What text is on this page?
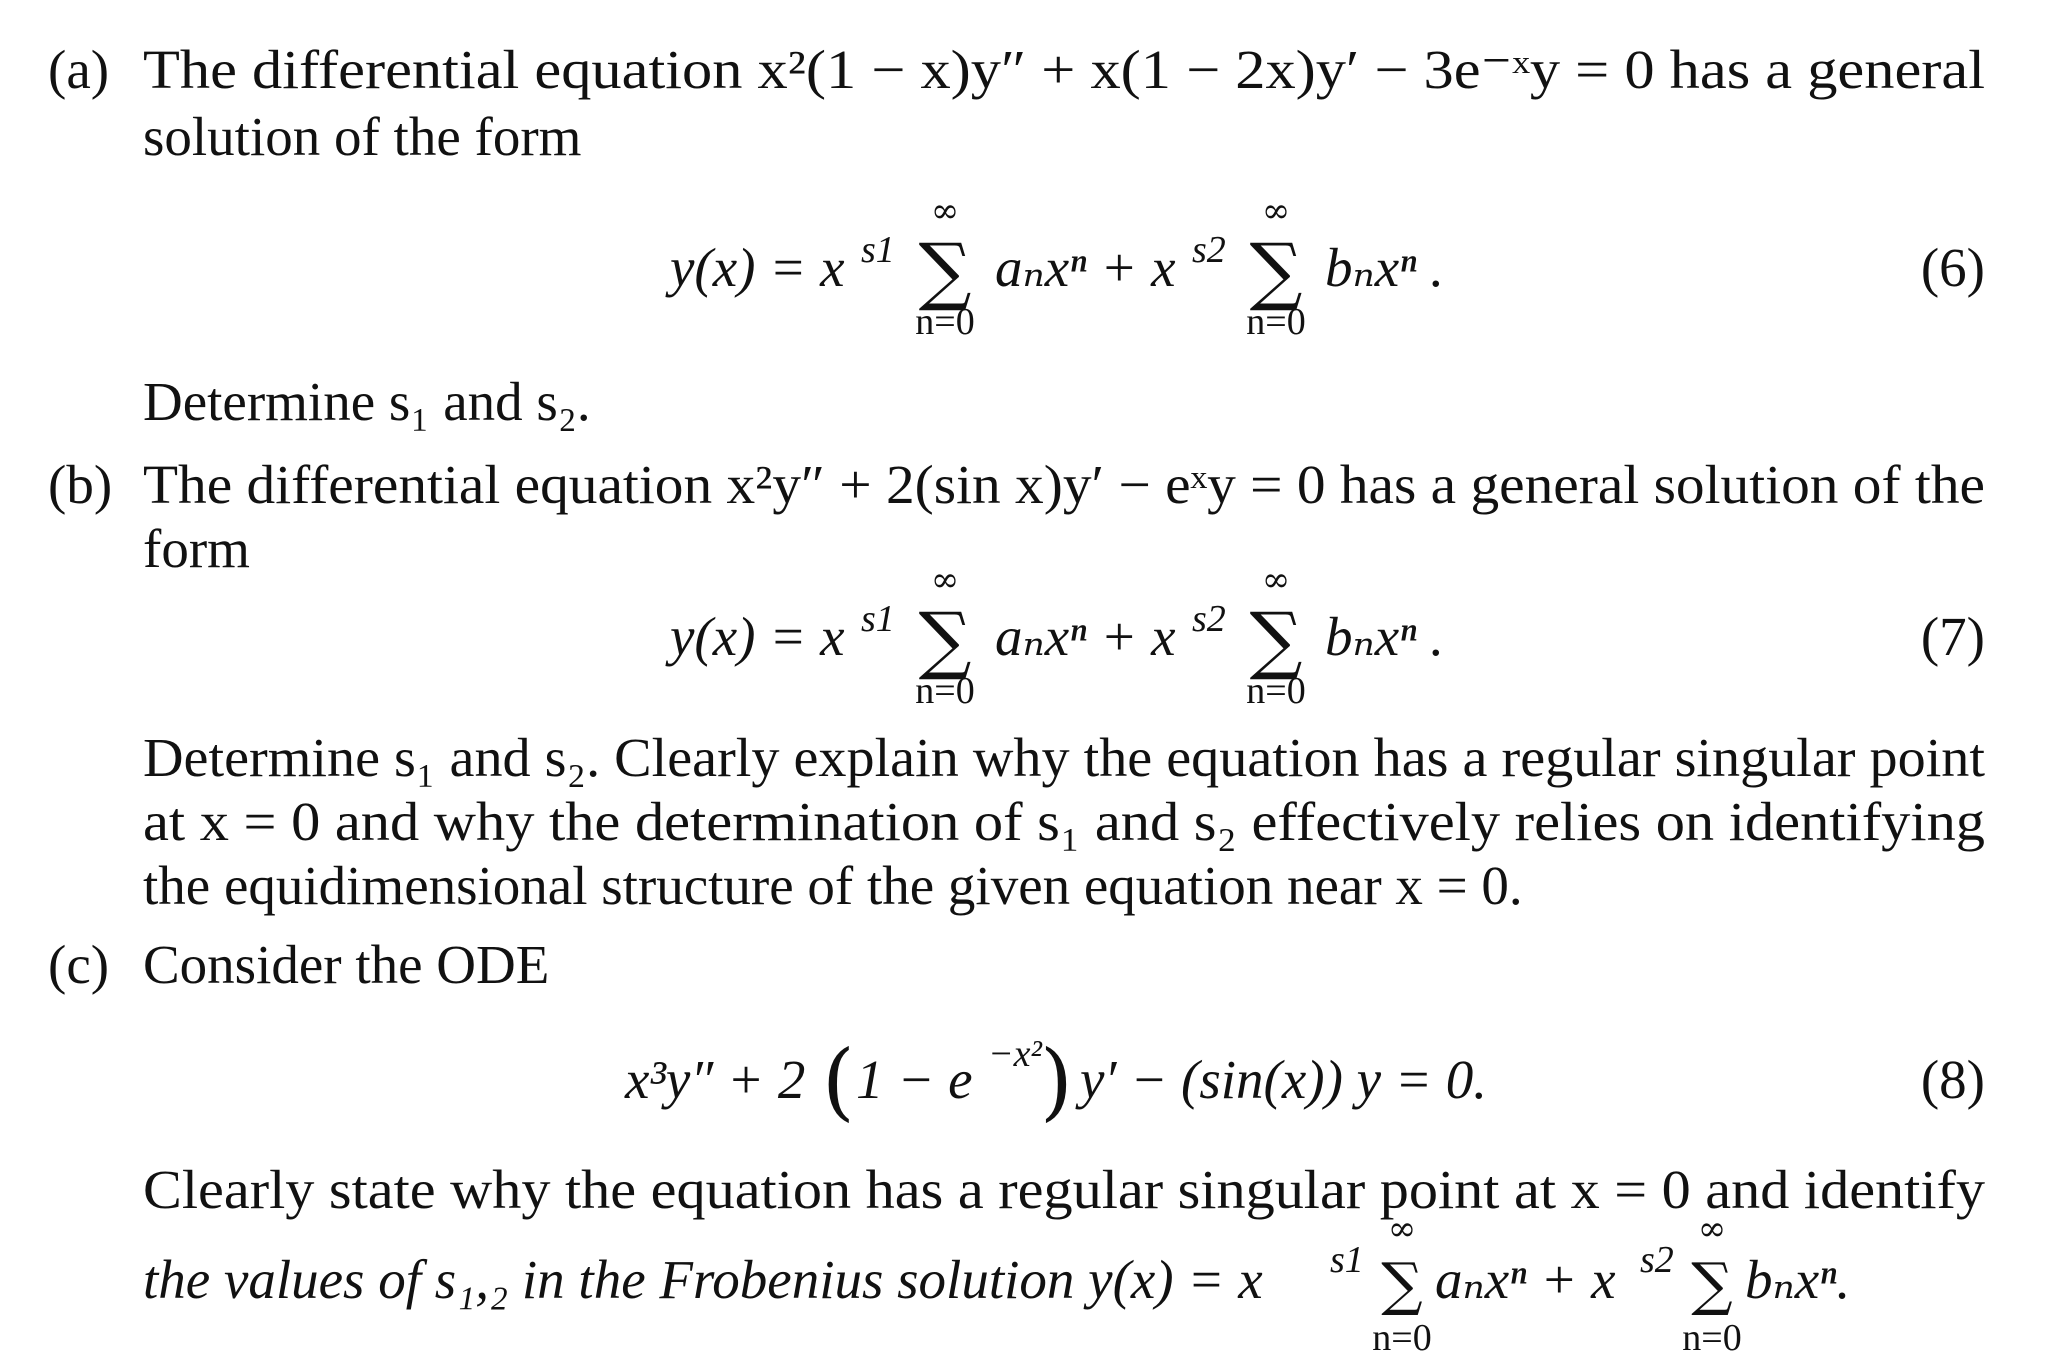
(a) The differential equation x²(1 − x)y″ + x(1 − 2x)y′ − 3e⁻ˣy = 0 has a general
solution of the form
y(x) = x s1
∞
∑
n=0
aₙxⁿ + x s2
∞
∑
n=0
bₙxⁿ .	(6)
Determine s₁ and s₂.
(b) The differential equation x²y″ + 2(sin x)y′ − eˣy = 0 has a general solution of the
form
y(x) = x s1
∞
∑
n=0
aₙxⁿ + x s2
∞
∑
n=0
bₙxⁿ .	(7)
Determine s₁ and s₂. Clearly explain why the equation has a regular singular point
at x = 0 and why the determination of s₁ and s₂ effectively relies on identifying
the equidimensional structure of the given equation near x = 0.
(c) Consider the ODE
x³y″ + 2 ( 1 − e −x²
) y′ − (sin(x)) y = 0.	(8)
Clearly state why the equation has a regular singular point at x = 0 and identify
the values of s₁,₂ in the Frobenius solution y(x) = x s1
∞
∑
n=0
aₙxⁿ + x s2
∞
∑
n=0
bₙxⁿ.
